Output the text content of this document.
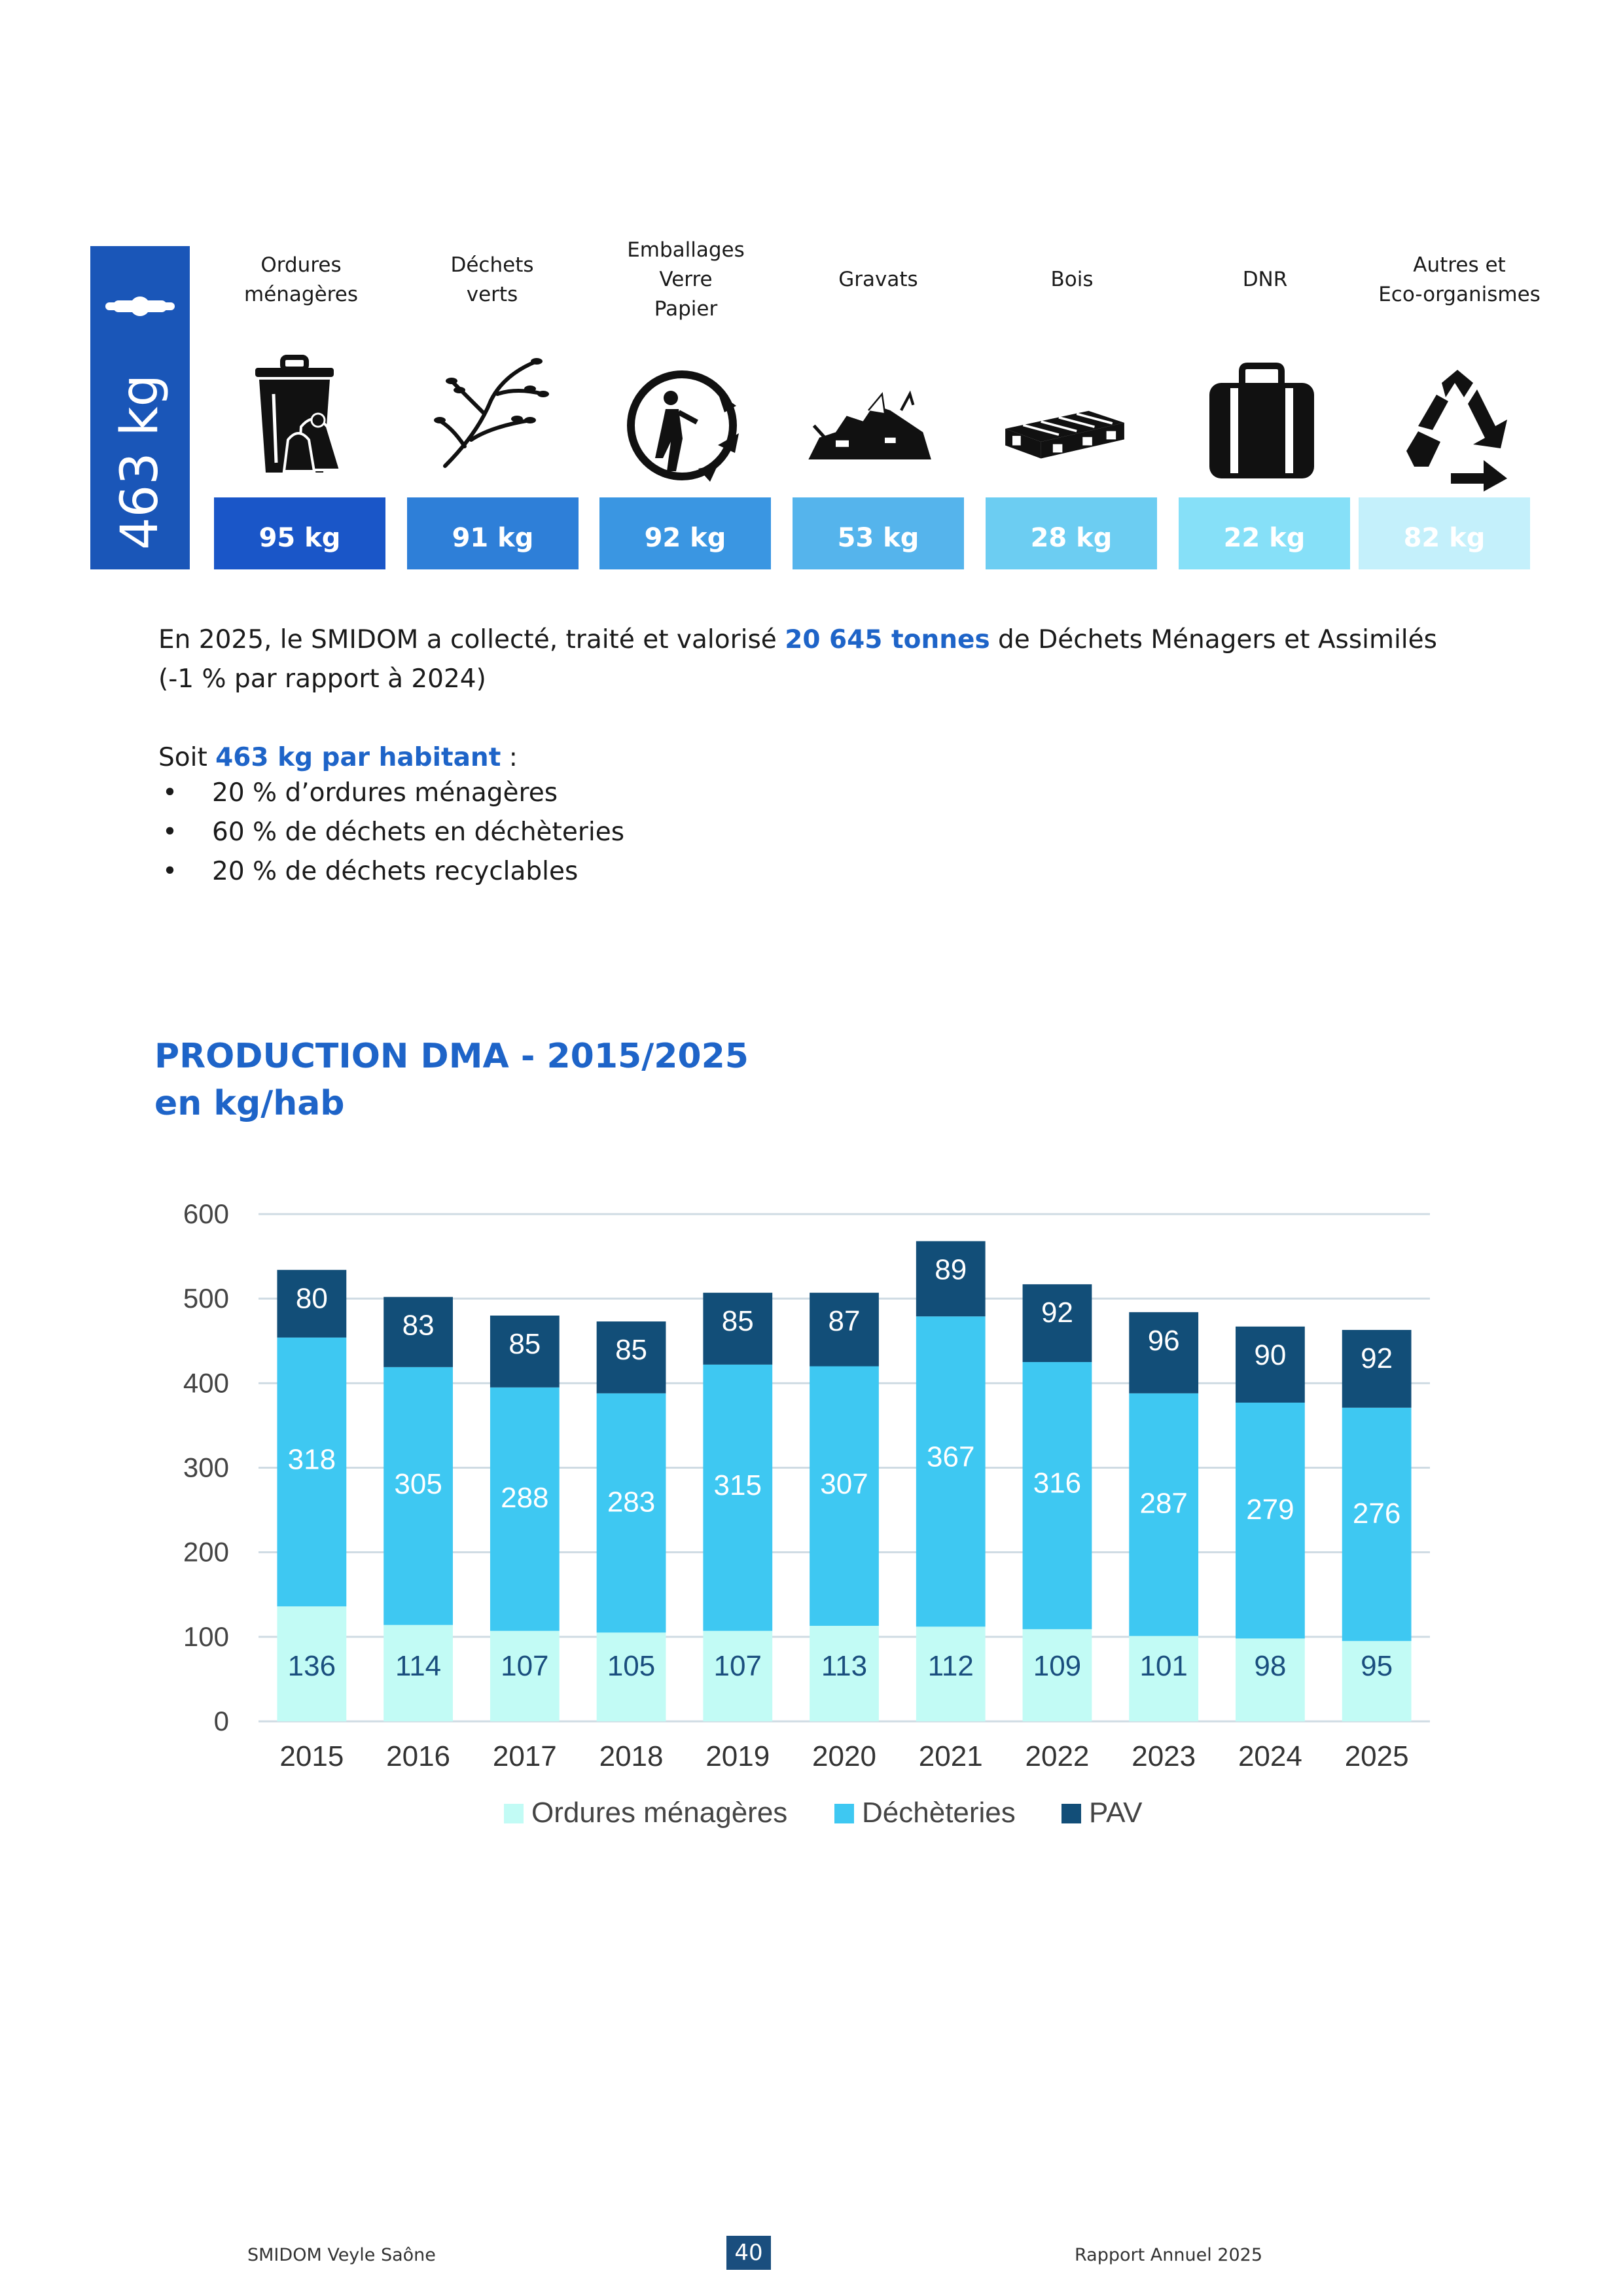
463 kg
Ordures
ménagères
Déchets
verts
Emballages
Verre
Papier
Gravats	Bois	DNR
Autres et
Eco-organismes
95 kg	91 kg	92 kg	53 kg	28 kg	22 kg	82 kg
En 2025, le SMIDOM a collecté, traité et valorisé 20 645 tonnes de Déchets Ménagers et Assimilés
(-1 % par rapport à 2024)
Soit 463 kg par habitant :
•	20 % d’ordures ménagères
•	60 % de déchets en déchèteries
•	20 % de déchets recyclables
PRODUCTION DMA - 2015/2025
en kg/hab
0
100
200
300
400
500
600
136
318
80
2015
114
305
83
2016
107
288
85
2017
105
283
85
2018
107
315
85
2019
113
307
87
2020
112
367
89
2021
109
316
92
2022
101
287
96
2023
98
279
90
2024
95
276
92
2025
Ordures ménagères	Déchèteries	PAV
SMIDOM Veyle Saône	40	Rapport Annuel 2025
